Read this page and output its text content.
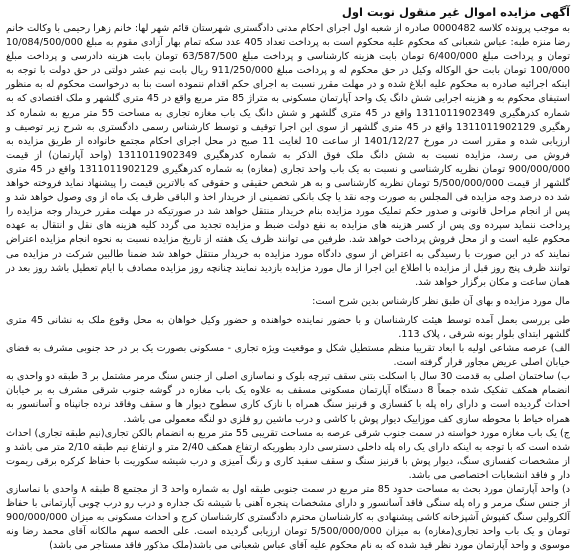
آگهی مزایده اموال غیر منقول نوبت اول

به موجب پرونده کلاسه 0000482 صادره از شعبه اول اجرای احکام مدنی دادگستری شهرستان قائم شهر لها: خانم زهرا رحیمی با وکالت خانم رضا منزه طبه: عباس شعبانی که محکوم علیه محکوم است به پرداخت تعداد 405 عدد سکه تمام بهار آزادی مقوم به مبلغ 10/084/500/000 تومان و پرداخت مبلغ 6/400/000 تومان بابت هزینه کارشناسی و پرداخت مبلغ 63/587/500 تومان بابت هزینه دادرسی و پرداخت مبلغ 100/000 تومان بابت حق الوکاله وکیل در حق محکوم له و پرداخت مبلغ 911/250/000 ریال بابت نیم عشر دولتی در حق دولت با توجه به اینکه اجرائیه صادره به محکوم علیه ابلاغ شده و در مهلت مقرر نسبت به اجرای حکم اقدام ننموده است بنا به درخواست محکوم له به منظور استیفای محکوم به و هزینه اجرایی شش دانگ یک واحد آپارتمان مسکونی به متراژ 85 متر مربع واقع در 45 متری گلشهر و ملک اقتصادی که به شماره کدرهگیری 1311011902349 واقع در 45 متری گلشهر و شش دانگ یک باب مغازه تجاری به مساحت 55 متر مربع به شماره کد رهگیری 1311011902129 واقع در 45 متری گلشهر از سوی این اجرا توقیف و توسط کارشناس رسمی دادگستری به شرح زیر توصیف و ارزیابی شده و مقرر است در مورخ 1401/12/27 از ساعت 10 لغایت 11 صبح در محل اجرای احکام مجتمع خانواده از طریق مزایده به فروش می رسد، مزایده نسبت به شش دانگ ملک فوق الذکر به شماره کدرهگیری 1311011902349 (واحد آپارتمان) از قیمت 900/000/000 تومان نظریه کارشناسی و نسبت به یک باب واحد تجاری (مغازه) به شماره کدرهگیری 1311011902129 واقع در 45 متری گلشهر از قیمت 5/500/000/000 تومان نظریه کارشناسی و به هر شخص حقیقی و حقوقی که بالاترین قیمت را پیشنهاد نماید فروخته خواهد شد ده درصد وجه مزایده فی المجلس به صورت وجه نقد یا چک بانکی تضمینی از خریدار اخذ و الباقی ظرف یک ماه از وی وصول خواهد شد و پس از انجام مراحل قانونی و صدور حکم تملیک مورد مزایده بنام خریدار منتقل خواهد شد در صورتیکه در مهلت مقرر خریدار وجه مزایده را پرداخت ننماید سپرده وی پس از کسر هزینه های مزایده به نفع دولت ضبط و مزایده تجدید می گردد کلیه هزینه های نقل و انتقال به عهده محکوم علیه است و از محل فروش پرداخت خواهد شد. طرفین می توانند ظرف یک هفته از تاریخ مزایده نسبت به نحوه انجام مزایده اعتراض نمایند که در این صورت با رسیدگی به اعتراض از سوی دادگاه مورد مزایده به خریدار منتقل خواهد شد ضمنا طالبین شرکت در مزایده می توانند ظرف پنج روز قبل از مزایده با اطلاع این اجرا از مال مورد مزایده بازدید نمایند چنانچه روز مزایده مصادف با ایام تعطیل باشد روز بعد در همان ساعت و مکان برگزار خواهد شد.

مال مورد مزایده و بهای آن طبق نظر کارشناس بدین شرح است:

طی بررسی بعمل آمده توسط هیئت کارشناسان و با حضور نماینده خواهنده و حضور وکیل خواهان به محل وقوع ملک به نشانی 45 متری گلشهر ابتدای بلوار یونه شرقی ، پلاک 113.

الف) عرصه مشاعی اولیه با ابعاد تقریبا منظم مستطیل شکل و موقعیت ویژه تجاری - مسکونی بصورت یک بر در حد جنوبی مشرف به فضای خیابان اصلی عریض مجاور قرار گرفته است.

ب) ساختمان اصلی به قدمت 30 سال با اسکلت بتنی سقف تیرچه بلوک و نماسازی اصلی از جنس سنگ مرمر مشتمل بر 3 طبقه دو واحدی به انضمام همکف تفکیک شده جمعاً 8 دستگاه آپارتمان مسکونی مسقف به علاوه یک باب مغازه در گوشه جنوب شرقی مشرف به بر خیابان احداث گردیده است و دارای راه پله با کفسازی و قرنیز سنگ همراه با نازک کاری سطوح دیوار ها و سقف وفاقد نرده جانپناه و آسانسور به همراه خیاط با محوطه سازی کف موزاییک دیوار پوش با کاشی و درب ماشین رو فلزی دو لنگه معمولی می باشد.

ج) یک باب مغازه مورد خواسته در سمت جنوب شرقی عرصه به مساحت تقریبی 55 متر مربع به انضمام بالکن تجاری(نیم طبقه تجاری) احداث شده است که با توجه به اینکه دارای یک راه پله داخلی دسترسی دارد بطوریکه ارتفاع همکف 2/40 متر و ارتفاع نیم طبقه 2/10 متر می باشد و از مشخصات کفسازی سنگ، دیوار پوش با قرنیز سنگ و سقف سفید کاری و رنگ آمیزی و درب شیشه سکوریت با حفاظ کرکره برقی ریموت دار و فاقد انشعابات اختصاصی می باشد.

د) واحد آپارتمان مورد بحث به مساحت حدود 85 متر مربع در سمت جنوبی طبقه اول به شماره واحد 3 از مجتمع 8 طبقه ۸ واحدی با نماسازی از جنس سنگ مرمر و راه پله سنگی فاقد آسانسور و دارای مشخصات پنجره آهنی با شیشه تک جداره و درب رو درب چوبی آپارتمانی با حفاظ آلکرولین سنگ کفپوش آشپزخانه کاشی پیشنهادی به کارشناسان محترم دادگستری کارشناسان کرج و احداث مسکونی به میزان 900/000/000 تومان و یک باب واحد تجاری(مغازه) به میزان 5/500/000/000 تومان ارزیابی گردیده است. علی الحصه سهم مالکانه آقای محمد رضا ونه موسوی و واحد آپارتمان مورد نظر قید شده که به نام محکوم علیه آقای عباس شعبانی می باشد(ملک مذکور فاقد مستاجر می باشد)
